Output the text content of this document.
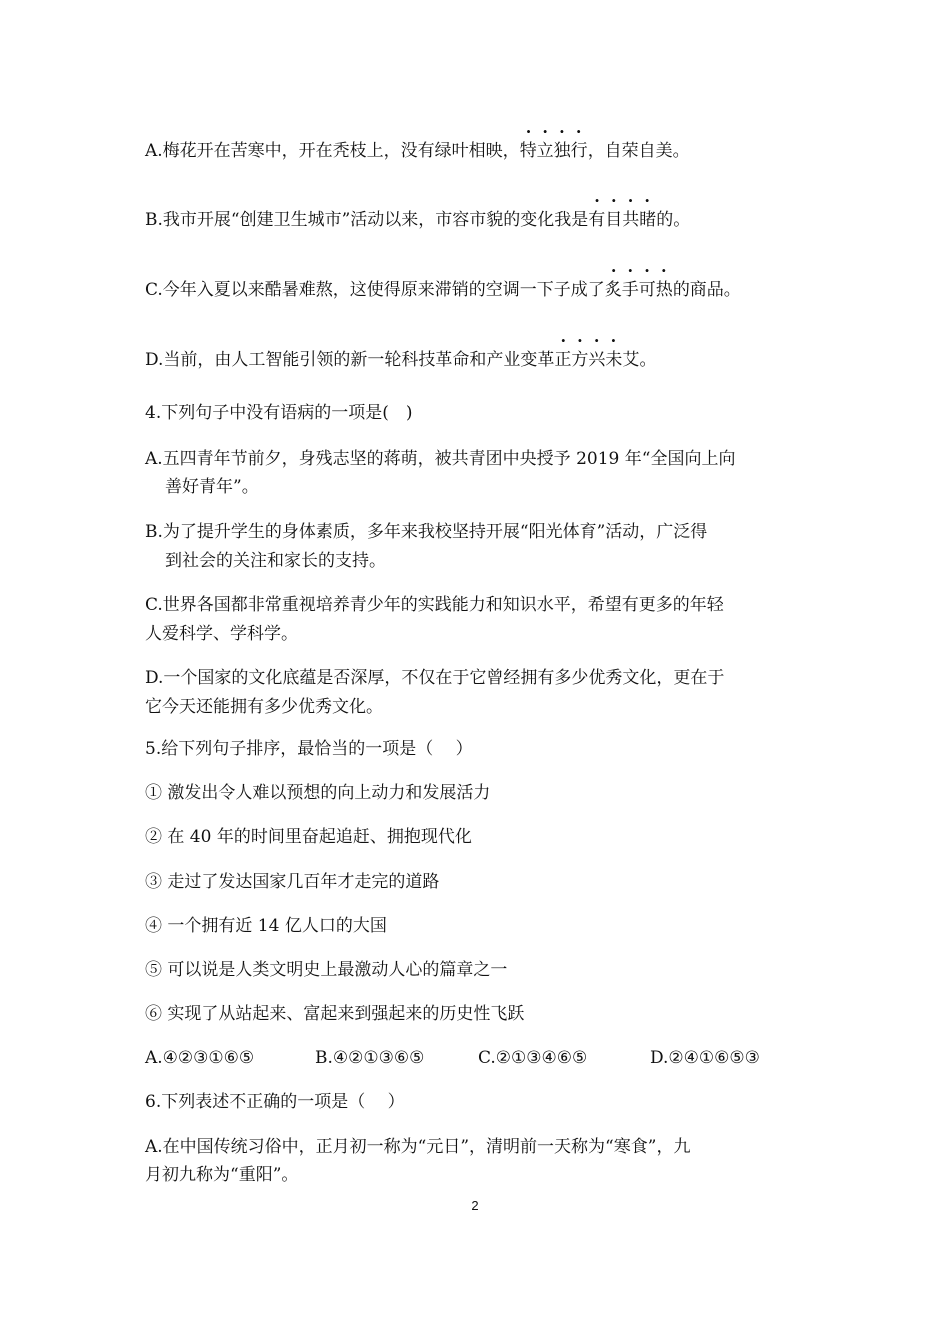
A.梅花开在苦寒中，开在秃枝上，没有绿叶相映，· · 特立独行，自荣自美。
B.我市开展“创建卫生城市”活动以来，市容市貌的变化我是· · 有目共睹的。
C.今年入夏以来酷暑难熬，这使得原来滞销的空调一下子成了· · 炙手可热的商品。
D.当前，由人工智能引领的新一轮科技革命和产业变革· · 正方兴未艾。
4.下列句子中没有语病的一项是(　)
A.五四青年节前夕，身残志坚的蒋萌，被共青团中央授予 2019 年“全国向上向
善好青年”。
B.为了提升学生的身体素质，多年来我校坚持开展“阳光体育”活动，广泛得
到社会的关注和家长的支持。
C.世界各国都非常重视培养青少年的实践能力和知识水平，希望有更多的年轻
人爱科学、学科学。
D.一个国家的文化底蕴是否深厚，不仅在于它曾经拥有多少优秀文化，更在于
它今天还能拥有多少优秀文化。
5.给下列句子排序，最恰当的一项是（　 ）
① 激发出令人难以预想的向上动力和发展活力
② 在 40 年的时间里奋起追赶、拥抱现代化
③ 走过了发达国家几百年才走完的道路
④ 一个拥有近 14 亿人口的大国
⑤ 可以说是人类文明史上最激动人心的篇章之一
⑥ 实现了从站起来、富起来到强起来的历史性飞跃
A.④②③①⑥⑤	B.④②①③⑥⑤	C.②①③④⑥⑤	D.②④①⑥⑤③
6.下列表述不正确的一项是（　 ）
A.在中国传统习俗中，正月初一称为“元日”，清明前一天称为“寒食”，九
月初九称为“重阳”。
2
